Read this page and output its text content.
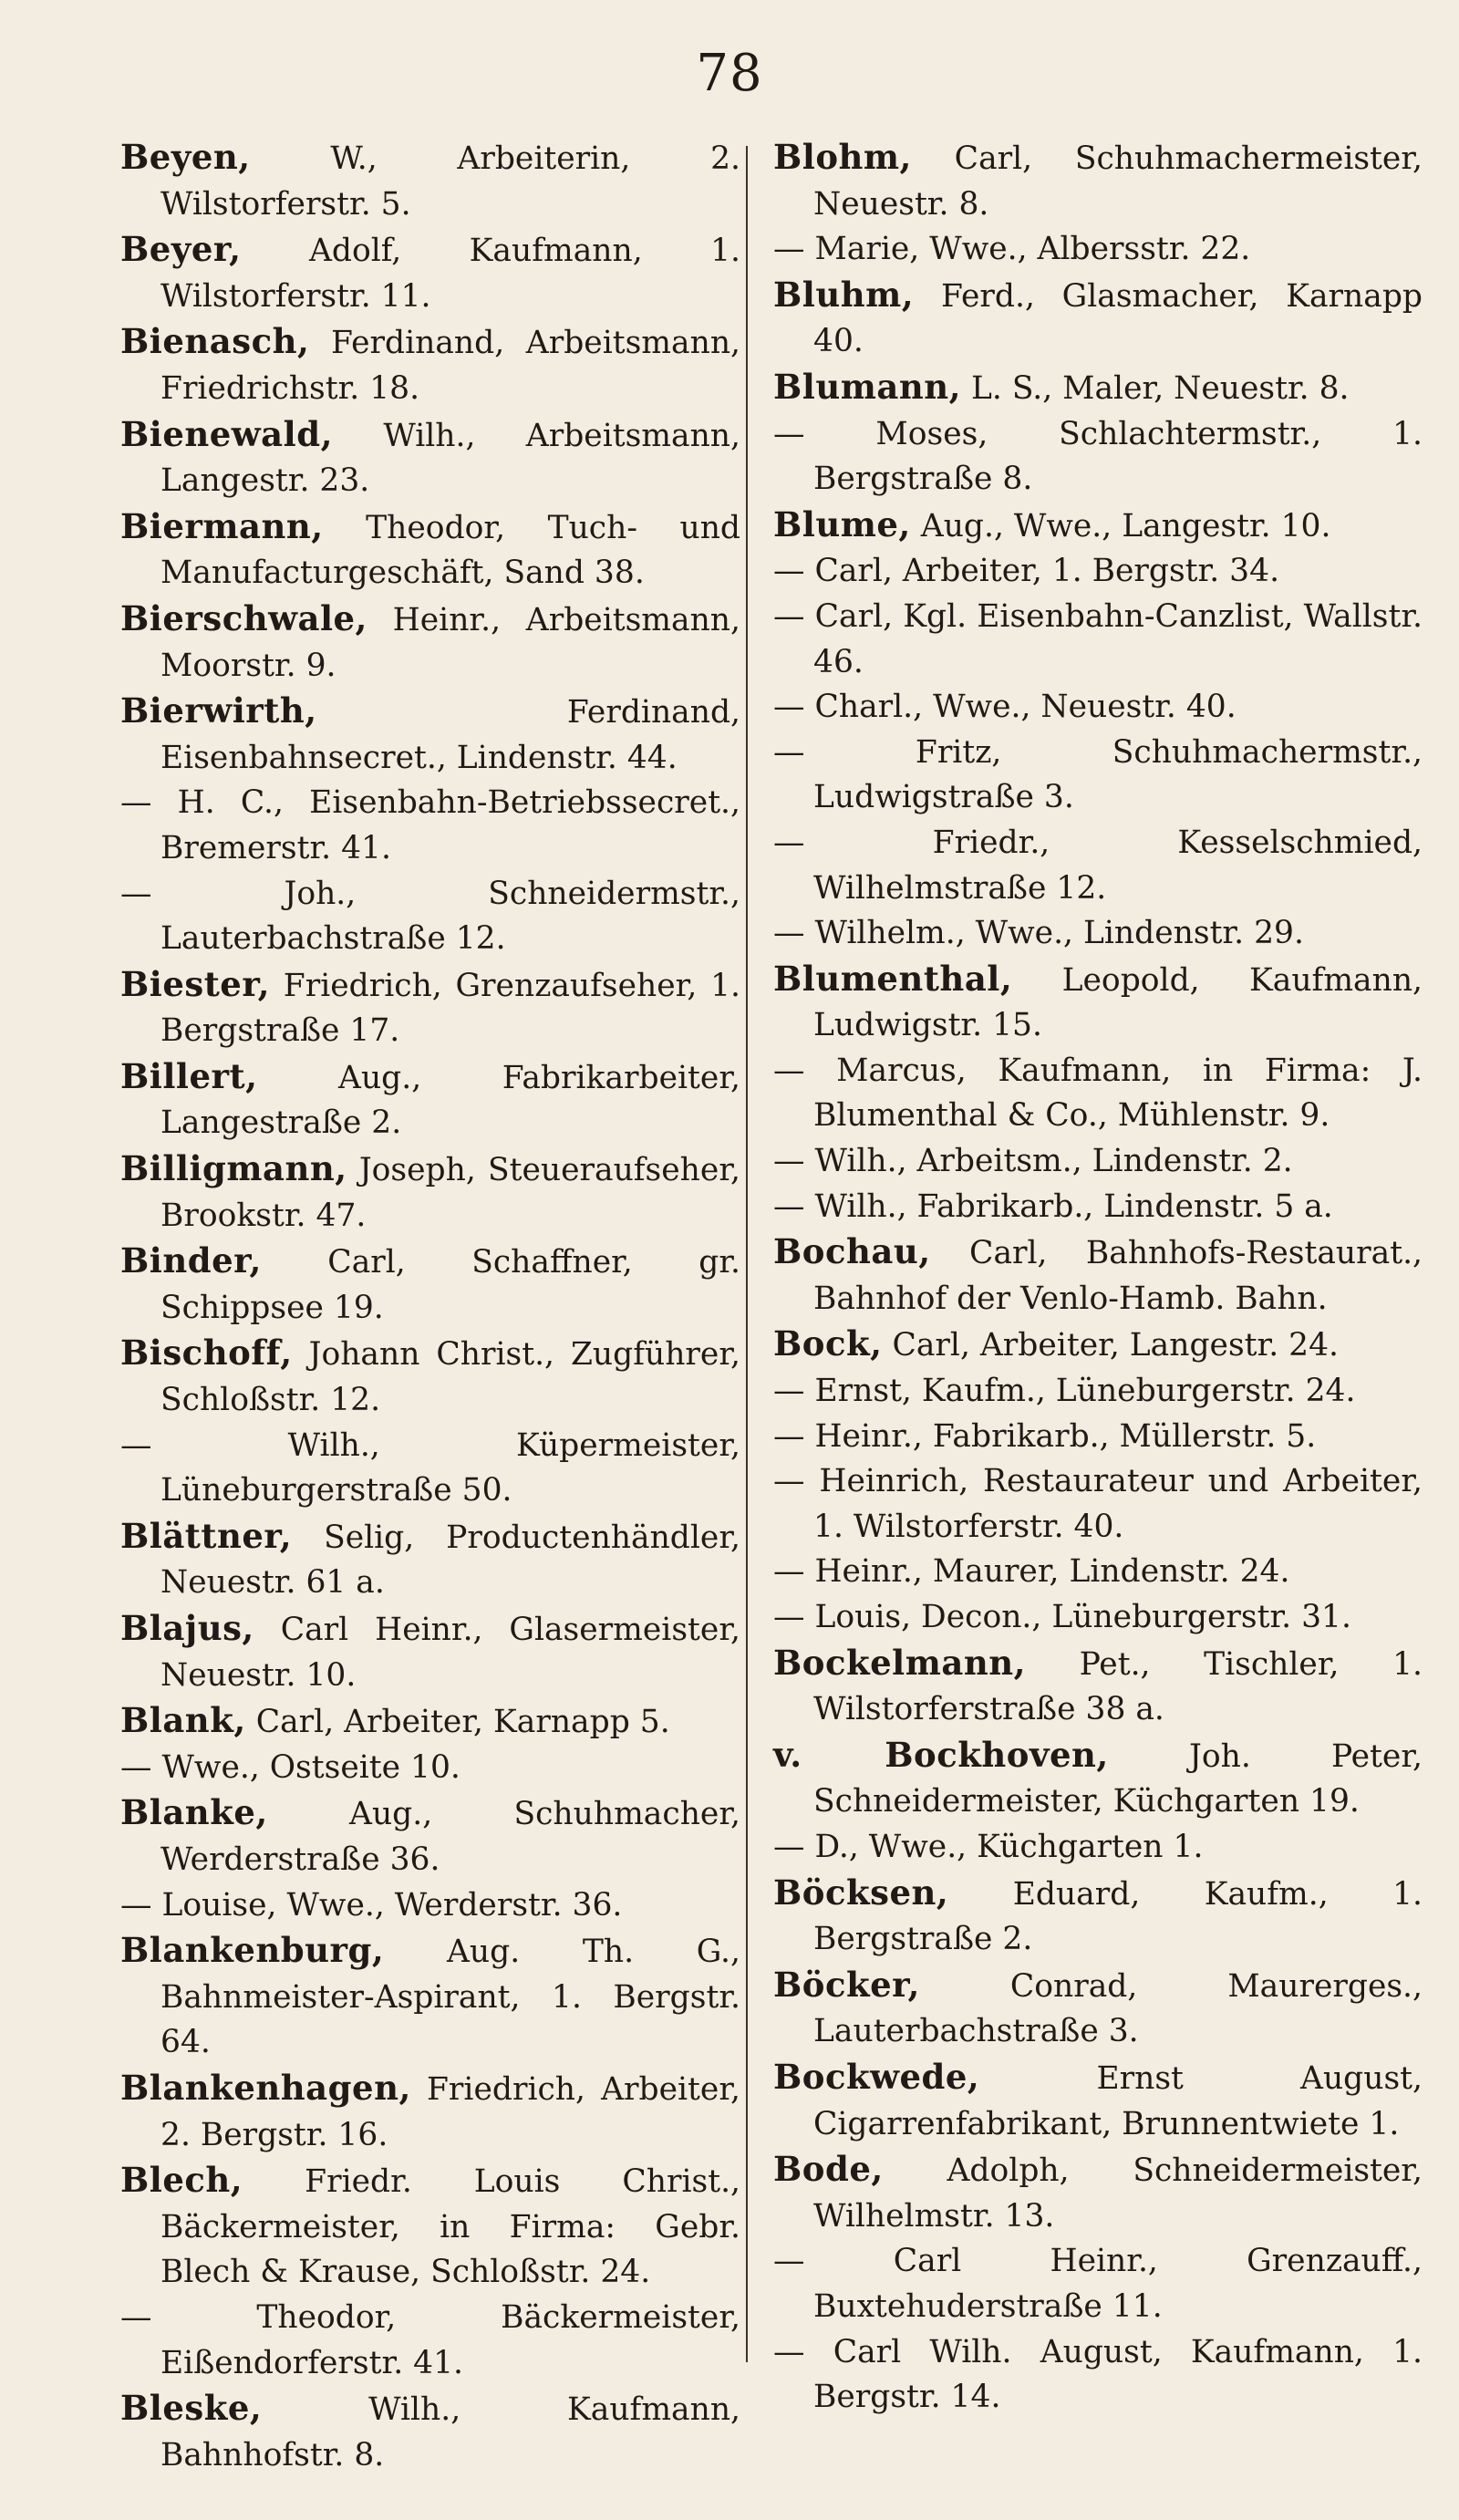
78
Beyen,	W., Arbeiterin, 2. Wilstorferstr. 5.
Beyer, Adolf, Kaufmann, 1. Wilstorferstr. 11.
Bienasch, Ferdinand, Arbeitsmann, Friedrichstr. 18.
Bienewald, Wilh., Arbeitsmann, Langestr. 23.
Biermann, Theodor, Tuch- und Manufacturgeschäft, Sand 38.
Bierschwale, Heinr., Arbeitsmann, Moorstr. 9.
Bierwirth,	Ferdinand, Eisenbahnsecret., Lindenstr. 44.
— H. C., Eisenbahn-Betriebssecret., Bremerstr. 41.
— Joh., Schneidermstr., Lauterbachstraße 12.
Biester, Friedrich, Grenzaufseher, 1. Bergstraße 17.
Billert,	Aug., Fabrikarbeiter, Langestraße 2.
Billigmann, Joseph, Steueraufseher, Brookstr. 47.
Binder, Carl, Schaffner, gr. Schippsee 19.
Bischoff, Johann Christ., Zugführer, Schloßstr. 12.
— Wilh., Küpermeister, Lüneburgerstraße 50.
Blättner, Selig, Productenhändler, Neuestr. 61 a.
Blajus, Carl Heinr., Glasermeister, Neuestr. 10.
Blank, Carl, Arbeiter, Karnapp 5.
— Wwe., Ostseite 10.
Blanke,	Aug., Schuhmacher, Werderstraße 36.
— Louise, Wwe., Werderstr. 36.
Blankenburg, Aug. Th. G., Bahnmeister-Aspirant, 1. Bergstr. 64.
Blankenhagen, Friedrich, Arbeiter, 2. Bergstr. 16.
Blech, Friedr. Louis Christ., Bäckermeister, in Firma: Gebr. Blech & Krause, Schloßstr. 24.
— Theodor, Bäckermeister, Eißendorferstr. 41.
Bleske,	Wilh., Kaufmann, Bahnhofstr. 8.
Blohm, Carl, Schuhmachermeister, Neuestr. 8.
— Marie, Wwe., Albersstr. 22.
Bluhm, Ferd., Glasmacher, Karnapp 40.
Blumann, L. S., Maler, Neuestr. 8.
— Moses, Schlachtermstr., 1. Bergstraße 8.
Blume, Aug., Wwe., Langestr. 10.
— Carl, Arbeiter, 1. Bergstr. 34.
— Carl, Kgl. Eisenbahn-Canzlist, Wallstr. 46.
— Charl., Wwe., Neuestr. 40.
— Fritz, Schuhmachermstr., Ludwigstraße 3.
— Friedr., Kesselschmied, Wilhelmstraße 12.
— Wilhelm., Wwe., Lindenstr. 29.
Blumenthal, Leopold, Kaufmann, Ludwigstr. 15.
— Marcus, Kaufmann, in Firma: J. Blumenthal & Co., Mühlenstr. 9.
— Wilh., Arbeitsm., Lindenstr. 2.
— Wilh., Fabrikarb., Lindenstr. 5 a.
Bochau, Carl, Bahnhofs-Restaurat., Bahnhof der Venlo-Hamb. Bahn.
Bock, Carl, Arbeiter, Langestr. 24.
— Ernst, Kaufm., Lüneburgerstr. 24.
— Heinr., Fabrikarb., Müllerstr. 5.
— Heinrich, Restaurateur und Arbeiter, 1. Wilstorferstr. 40.
— Heinr., Maurer, Lindenstr. 24.
— Louis, Decon., Lüneburgerstr. 31.
Bockelmann, Pet., Tischler, 1. Wilstorferstraße 38 a.
v. Bockhoven,	Joh. Peter, Schneidermeister, Küchgarten 19.
— D., Wwe., Küchgarten 1.
Böcksen, Eduard, Kaufm., 1. Bergstraße 2.
Böcker,	Conrad, Maurerges., Lauterbachstraße 3.
Bockwede,	Ernst August, Cigarrenfabrikant, Brunnentwiete 1.
Bode, Adolph, Schneidermeister, Wilhelmstr. 13.
— Carl Heinr., Grenzauff., Buxtehuderstraße 11.
— Carl Wilh. August, Kaufmann, 1. Bergstr. 14.
